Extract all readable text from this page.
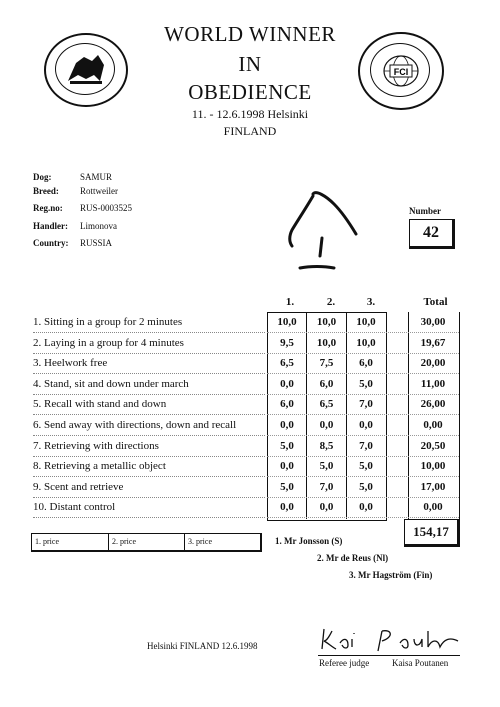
FCI
WORLD WINNER
IN
OBEDIENCE
11. - 12.6.1998 Helsinki
FINLAND
Dog:	SAMUR
Breed: Rottweiler
Reg.no: RUS-0003525
Handler: Limonova
Country: RUSSIA
Number
42
1.	2.	3.	Total
1. Sitting in a group for 2 minutes	10,0	10,0	10,0	30,00
2. Laying in a group for 4 minutes	9,5	10,0	10,0	19,67
3. Heelwork free	6,5	7,5	6,0	20,00
4. Stand, sit and down under march	0,0	6,0	5,0	11,00
5. Recall with stand and down	6,0	6,5	7,0	26,00
6. Send away with directions, down and recall	0,0	0,0	0,0	0,00
7. Retrieving with directions	5,0	8,5	7,0	20,50
8. Retrieving a metallic object	0,0	5,0	5,0	10,00
9. Scent and retrieve	5,0	7,0	5,0	17,00
10. Distant control	0,0	0,0	0,0	0,00
154,17
1. price	2. price	3. price	1. Mr Jonsson (S)
2. Mr de Reus (Nl)
3. Mr Hagström (Fin)
Helsinki FINLAND 12.6.1998
Referee judge	Kaisa Poutanen
